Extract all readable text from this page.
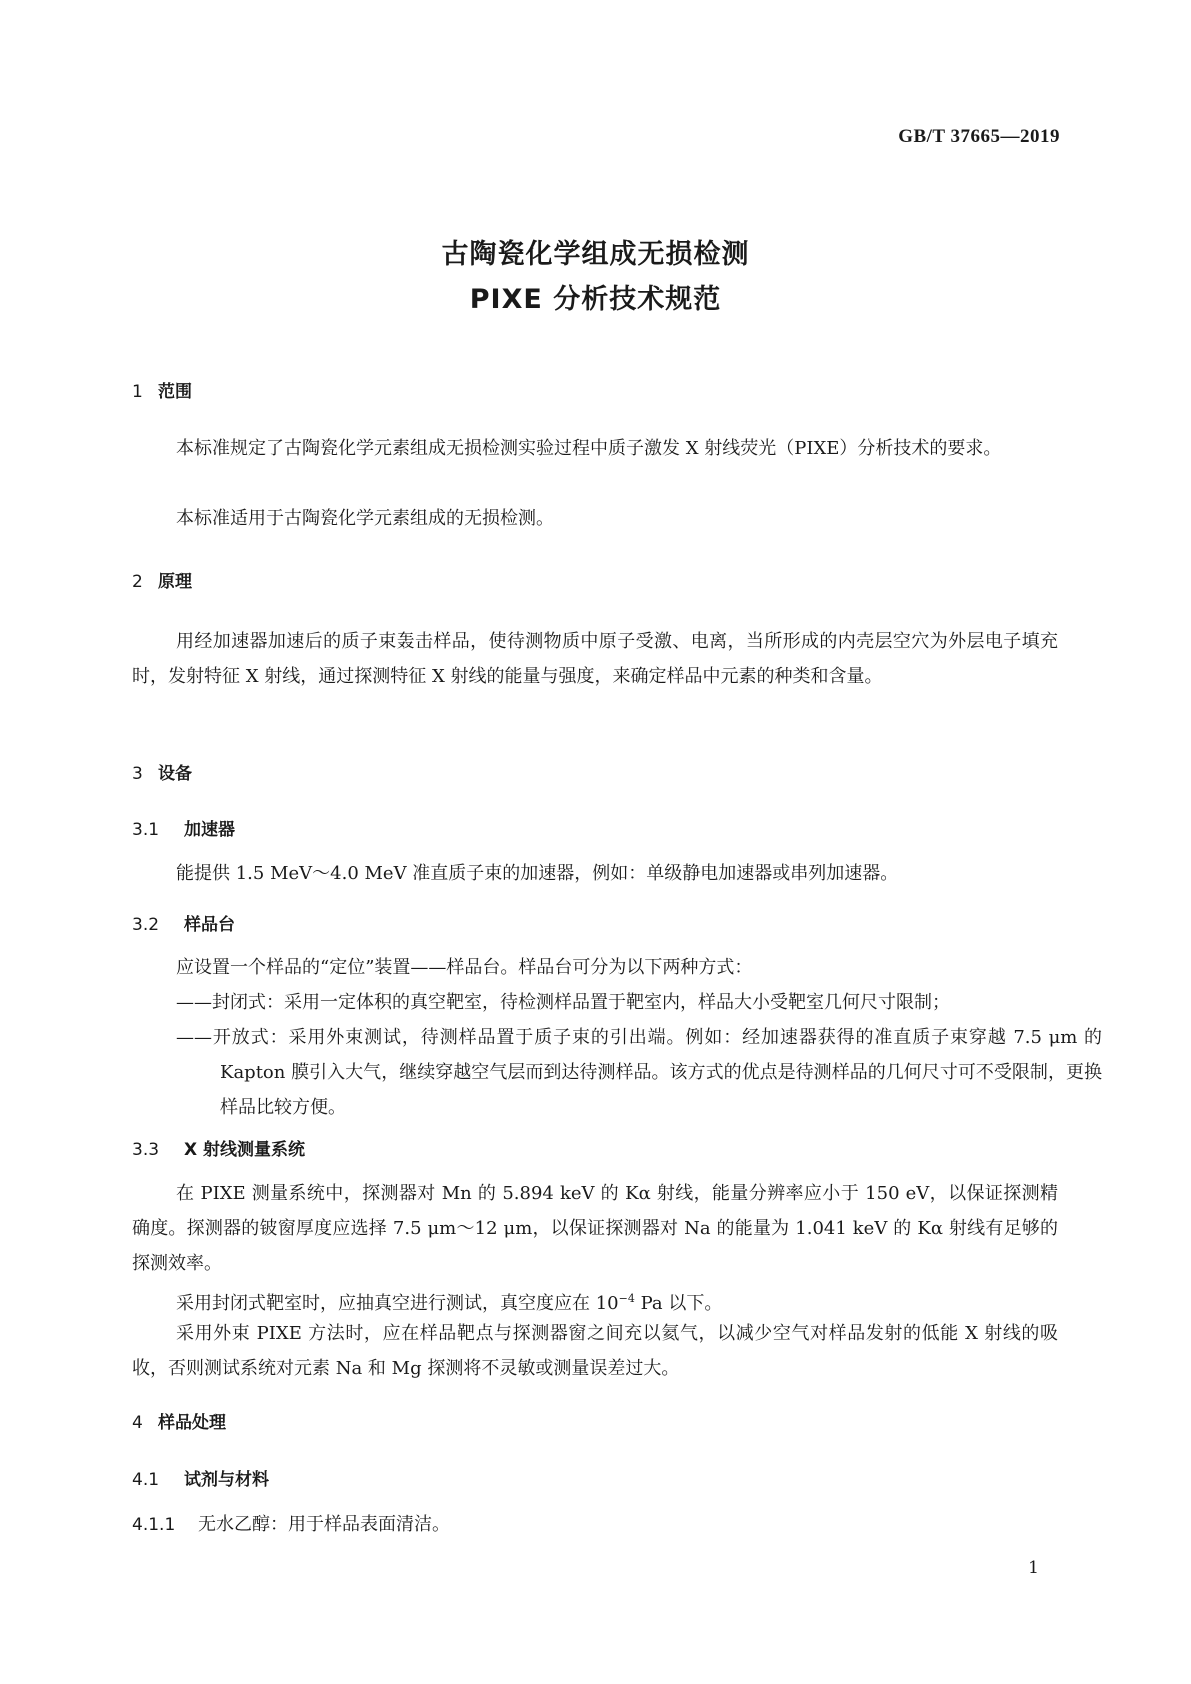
GB/T 37665—2019
古陶瓷化学组成无损检测
PIXE 分析技术规范
1 范围
本标准规定了古陶瓷化学元素组成无损检测实验过程中质子激发 X 射线荧光（PIXE）分析技术的要求。
本标准适用于古陶瓷化学元素组成的无损检测。
2 原理
用经加速器加速后的质子束轰击样品，使待测物质中原子受激、电离，当所形成的内壳层空穴为外层电子填充时，发射特征 X 射线，通过探测特征 X 射线的能量与强度，来确定样品中元素的种类和含量。
3 设备
3.1 加速器
能提供 1.5 MeV～4.0 MeV 准直质子束的加速器，例如：单级静电加速器或串列加速器。
3.2 样品台
应设置一个样品的“定位”装置——样品台。样品台可分为以下两种方式：
——封闭式：采用一定体积的真空靶室，待检测样品置于靶室内，样品大小受靶室几何尺寸限制；
——开放式：采用外束测试，待测样品置于质子束的引出端。例如：经加速器获得的准直质子束穿越 7.5 μm 的 Kapton 膜引入大气，继续穿越空气层而到达待测样品。该方式的优点是待测样品的几何尺寸可不受限制，更换样品比较方便。
3.3 X 射线测量系统
在 PIXE 测量系统中，探测器对 Mn 的 5.894 keV 的 Kα 射线，能量分辨率应小于 150 eV，以保证探测精确度。探测器的铍窗厚度应选择 7.5 μm～12 μm，以保证探测器对 Na 的能量为 1.041 keV 的 Kα 射线有足够的探测效率。
采用封闭式靶室时，应抽真空进行测试，真空度应在 $10^{-4}$ Pa 以下。
采用外束 PIXE 方法时，应在样品靶点与探测器窗之间充以氦气，以减少空气对样品发射的低能 X 射线的吸收，否则测试系统对元素 Na 和 Mg 探测将不灵敏或测量误差过大。
4 样品处理
4.1 试剂与材料
4.1.1 无水乙醇：用于样品表面清洁。
1
